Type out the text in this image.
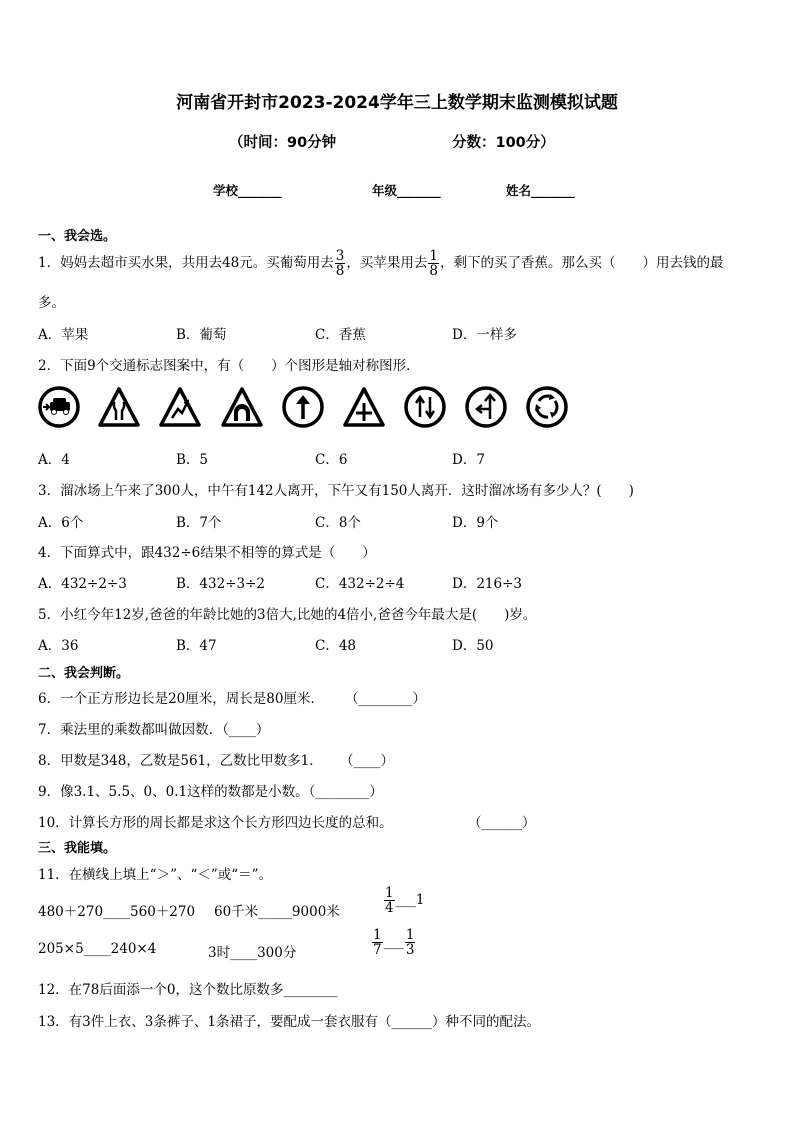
河南省开封市2023-2024学年三上数学期末监测模拟试题
（时间：90分钟	分数：100分）
学校_______	年级_______	姓名_______
一、我会选。
1．妈妈去超市买水果，共用去48元。买葡萄用去 $\frac{3}{8}$ ，买苹果用去 $\frac{1}{8}$ ，剩下的买了香蕉。那么买（　　）用去钱的最
多。
A．苹果	B．葡萄	C．香蕉	D．一样多
2．下面9个交通标志图案中，有（　　）个图形是轴对称图形．
A．4	B．5	C．6	D．7
3．溜冰场上午来了300人，中午有142人离开，下午又有150人离开．这时溜冰场有多少人？(　　)
A．6个	B．7个	C．8个	D．9个
4．下面算式中，跟432÷6结果不相等的算式是（　　）
A．432÷2÷3	B．432÷3÷2	C．432÷2÷4	D．216÷3
5．小红今年12岁,爸爸的年龄比她的3倍大,比她的4倍小,爸爸今年最大是(　　)岁。
A．36	B．47	C．48	D．50
二、我会判断。
6．一个正方形边长是20厘米，周长是80厘米． （________）
7．乘法里的乘数都叫做因数．（____）
8．甲数是348，乙数是561，乙数比甲数多1． （____）
9．像3.1、5.5、0、0.1这样的数都是小数。（________）
10．计算长方形的周长都是求这个长方形四边长度的总和。	（______）
三、我能填。
11．在横线上填上“＞”、“＜”或“＝”。
480＋270____560＋270 60千米_____9000米	$\frac{1}{4}$ ___1
205×5____240×4	3时____300分	$\frac{1}{7}$ ___ $\frac{1}{3}$
12．在78后面添一个0，这个数比原数多________
13．有3件上衣、3条裤子、1条裙子，要配成一套衣服有（______）种不同的配法。
